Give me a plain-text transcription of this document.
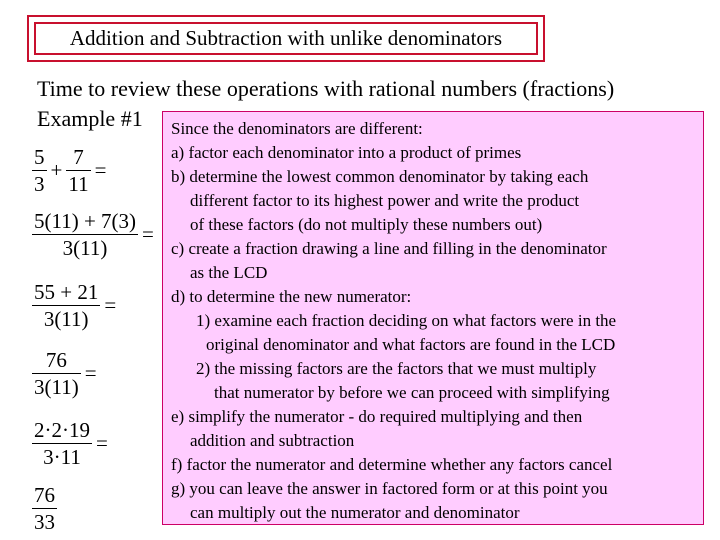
Addition and Subtraction with unlike denominators
Time to review these operations with rational numbers (fractions)
Example #1
$\frac{5}{3} + \frac{7}{11}$ =
$\frac{5(11) + 7(3)}{3(11)}$ =
$\frac{55 + 21}{3(11)}$ =
$\frac{76}{3(11)}$ =
$\frac{2\cdot 2\cdot 19}{3\cdot 11}$ =
$\frac{76}{33}$
Since the denominators are different:
a) factor each denominator into a product of primes
b) determine the lowest common denominator by taking each
different factor to its highest power and write the product
of these factors (do not multiply these numbers out)
c) create a fraction drawing a line and filling in the denominator
as the LCD
d) to determine the new numerator:
1) examine each fraction deciding on what factors were in the
original denominator and what factors are found in the LCD
2) the missing factors are the factors that we must multiply
that numerator by before we can proceed with simplifying
e) simplify the numerator - do required multiplying and then
addition and subtraction
f) factor the numerator and determine whether any factors cancel
g) you can leave the answer in factored form or at this point you
can multiply out the numerator and denominator
